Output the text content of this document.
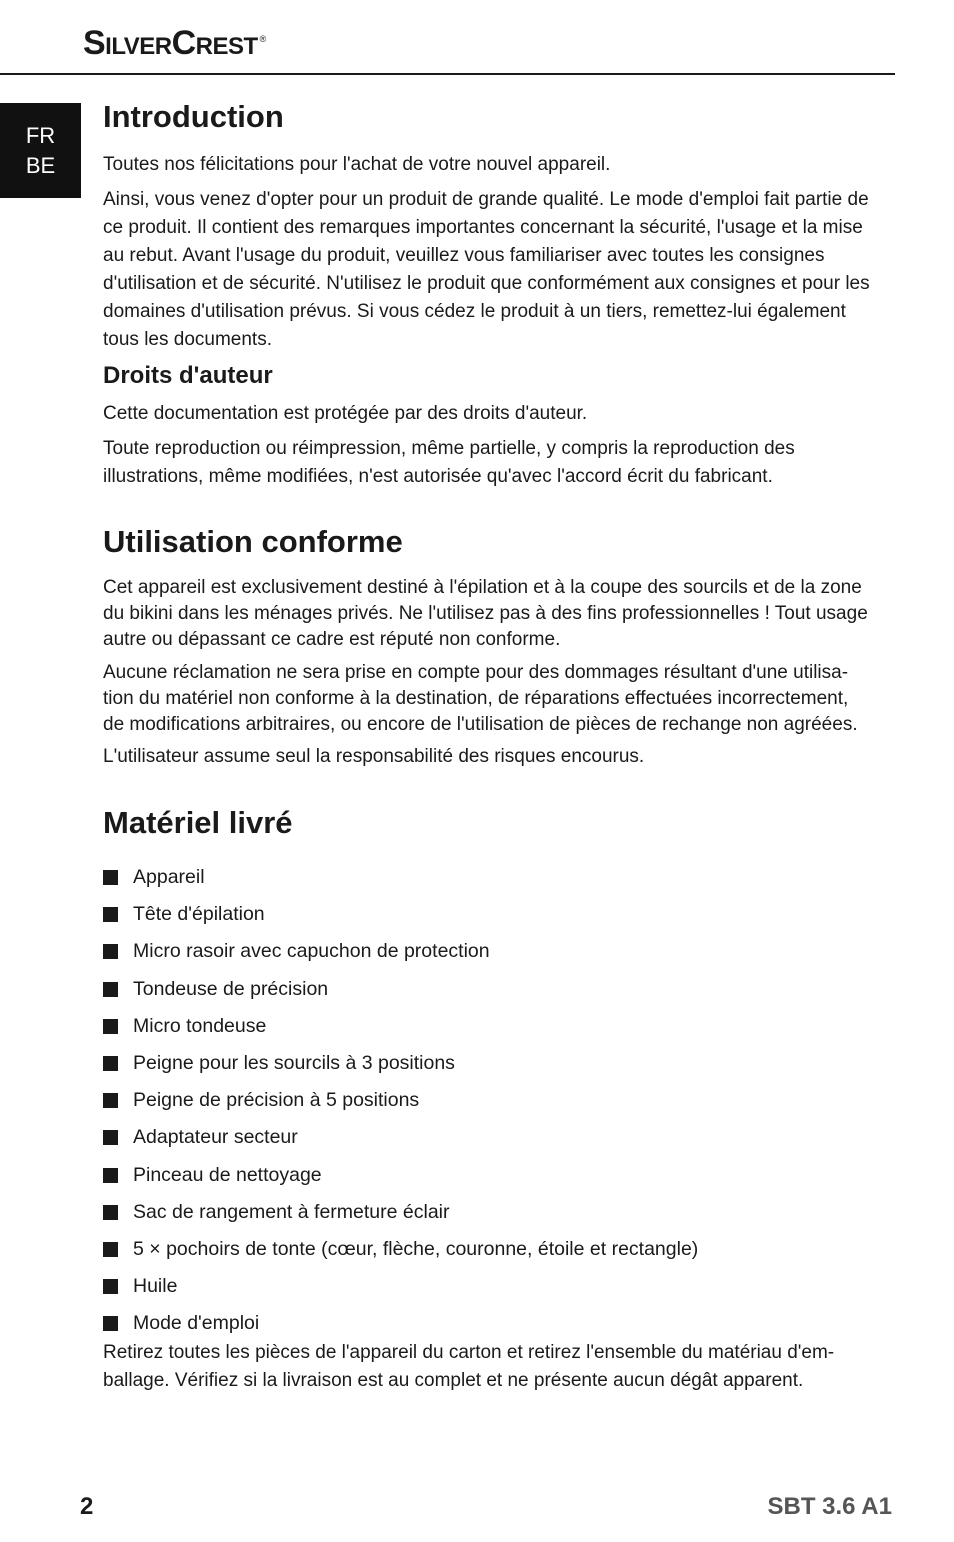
SilverCrest ®
FR
BE
Introduction

Toutes nos félicitations pour l'achat de votre nouvel appareil.

Ainsi, vous venez d'opter pour un produit de grande qualité. Le mode d'emploi fait partie de ce produit. Il contient des remarques importantes concernant la sécurité, l'usage et la mise au rebut. Avant l'usage du produit, veuillez vous familiariser avec toutes les consignes d'utilisation et de sécurité. N'utilisez le produit que conformément aux consignes et pour les domaines d'utilisation prévus. Si vous cédez le produit à un tiers, remettez-lui également tous les documents.

Droits d'auteur

Cette documentation est protégée par des droits d'auteur.

Toute reproduction ou réimpression, même partielle, y compris la reproduction des illustrations, même modifiées, n'est autorisée qu'avec l'accord écrit du fabricant.

Utilisation conforme

Cet appareil est exclusivement destiné à l'épilation et à la coupe des sourcils et de la zone du bikini dans les ménages privés. Ne l'utilisez pas à des fins professionnelles ! Tout usage autre ou dépassant ce cadre est réputé non conforme.

Aucune réclamation ne sera prise en compte pour des dommages résultant d'une utilisa-tion du matériel non conforme à la destination, de réparations effectuées incorrectement, de modifications arbitraires, ou encore de l'utilisation de pièces de rechange non agréées.

L'utilisateur assume seul la responsabilité des risques encourus.

Matériel livré
Appareil
Tête d'épilation
Micro rasoir avec capuchon de protection
Tondeuse de précision
Micro tondeuse
Peigne pour les sourcils à 3 positions
Peigne de précision à 5 positions
Adaptateur secteur
Pinceau de nettoyage
Sac de rangement à fermeture éclair
5 × pochoirs de tonte (cœur, flèche, couronne, étoile et rectangle)
Huile
Mode d'emploi

Retirez toutes les pièces de l'appareil du carton et retirez l'ensemble du matériau d'em-ballage. Vérifiez si la livraison est au complet et ne présente aucun dégât apparent.

2	SBT 3.6 A1
